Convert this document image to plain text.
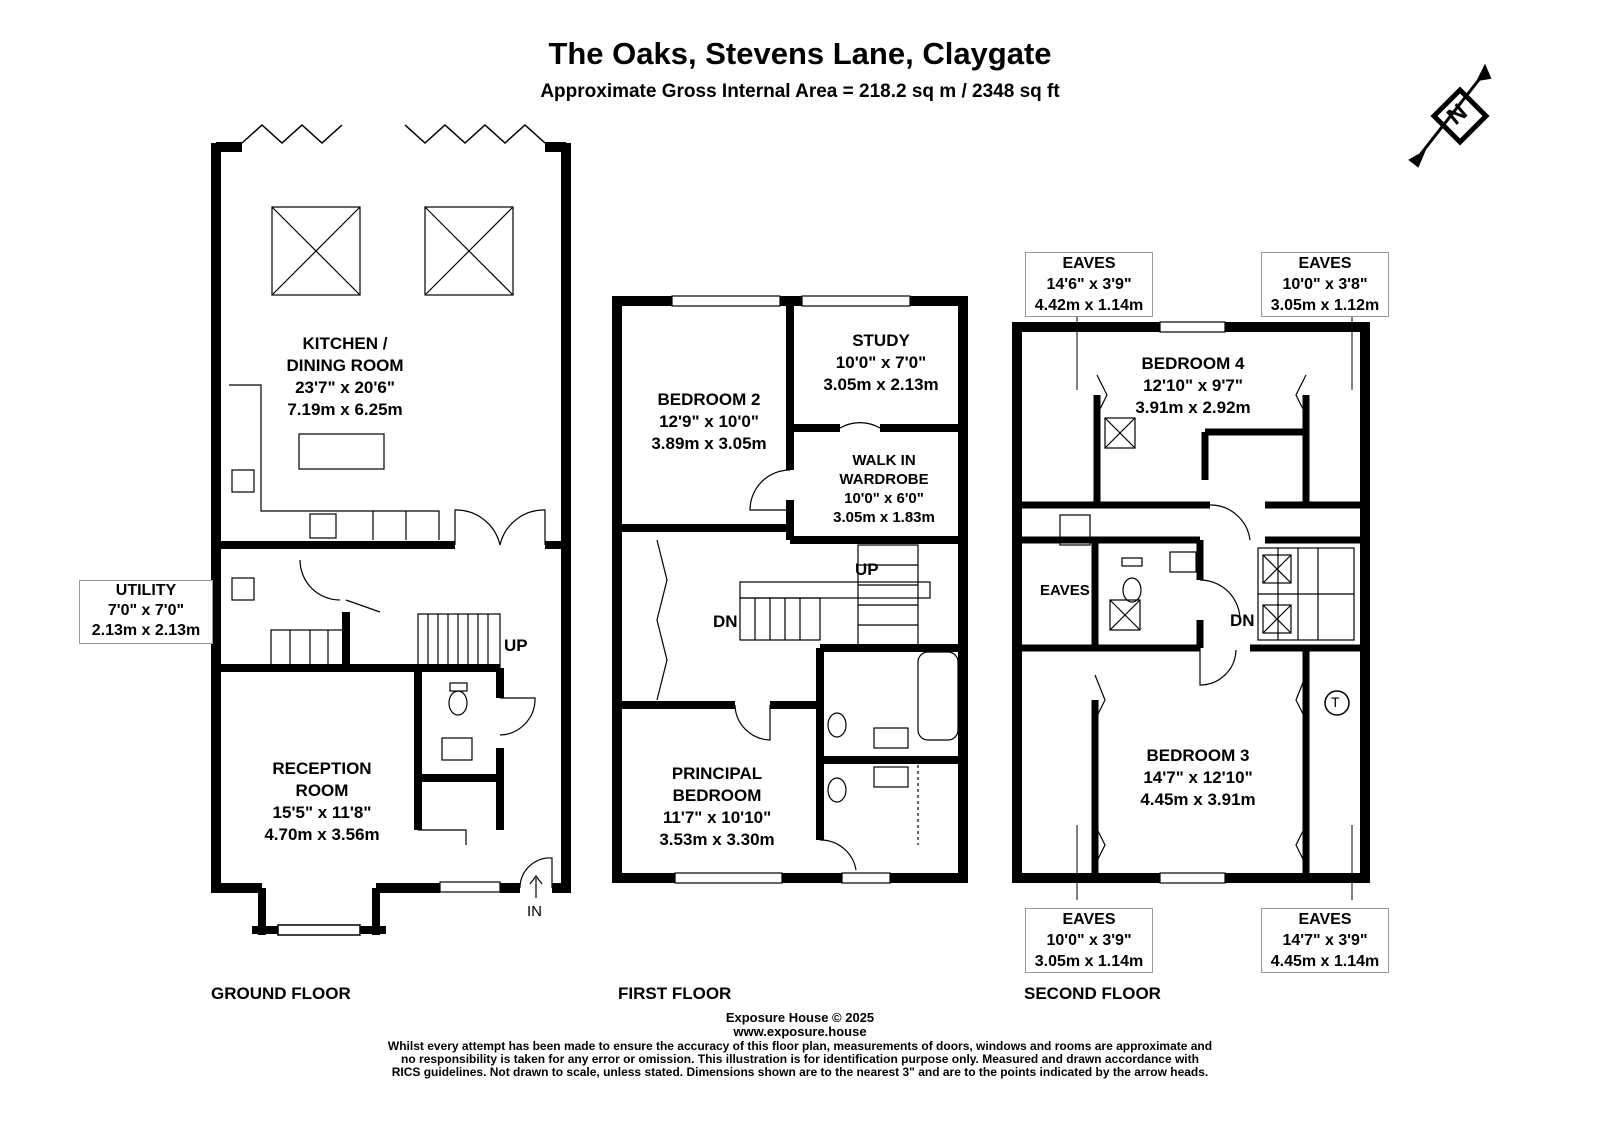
The Oaks, Stevens Lane, Claygate
Approximate Gross Internal Area = 218.2 sq m / 2348 sq ft
N
KITCHEN /
DINING ROOM
23'7" x 20'6"
7.19m x 6.25m
UTILITY
7'0" x 7'0"
2.13m x 2.13m
RECEPTION
ROOM
15'5" x 11'8"
4.70m x 3.56m
UP
IN
GROUND FLOOR
BEDROOM 2
12'9" x 10'0"
3.89m x 3.05m
STUDY
10'0" x 7'0"
3.05m x 2.13m
WALK IN
WARDROBE
10'0" x 6'0"
3.05m x 1.83m
PRINCIPAL
BEDROOM
11'7" x 10'10"
3.53m x 3.30m
UP
DN
FIRST FLOOR
BEDROOM 4
12'10" x 9'7"
3.91m x 2.92m
BEDROOM 3
14'7" x 12'10"
4.45m x 3.91m
EAVES
DN
T
EAVES
14'6" x 3'9"
4.42m x 1.14m
EAVES
10'0" x 3'8"
3.05m x 1.12m
EAVES
10'0" x 3'9"
3.05m x 1.14m
EAVES
14'7" x 3'9"
4.45m x 1.14m
SECOND FLOOR
Exposure House © 2025
www.exposure.house
Whilst every attempt has been made to ensure the accuracy of this floor plan, measurements of doors, windows and rooms are approximate and
no responsibility is taken for any error or omission. This illustration is for identification purpose only. Measured and drawn accordance with
RICS guidelines. Not drawn to scale, unless stated. Dimensions shown are to the nearest 3" and are to the points indicated by the arrow heads.
